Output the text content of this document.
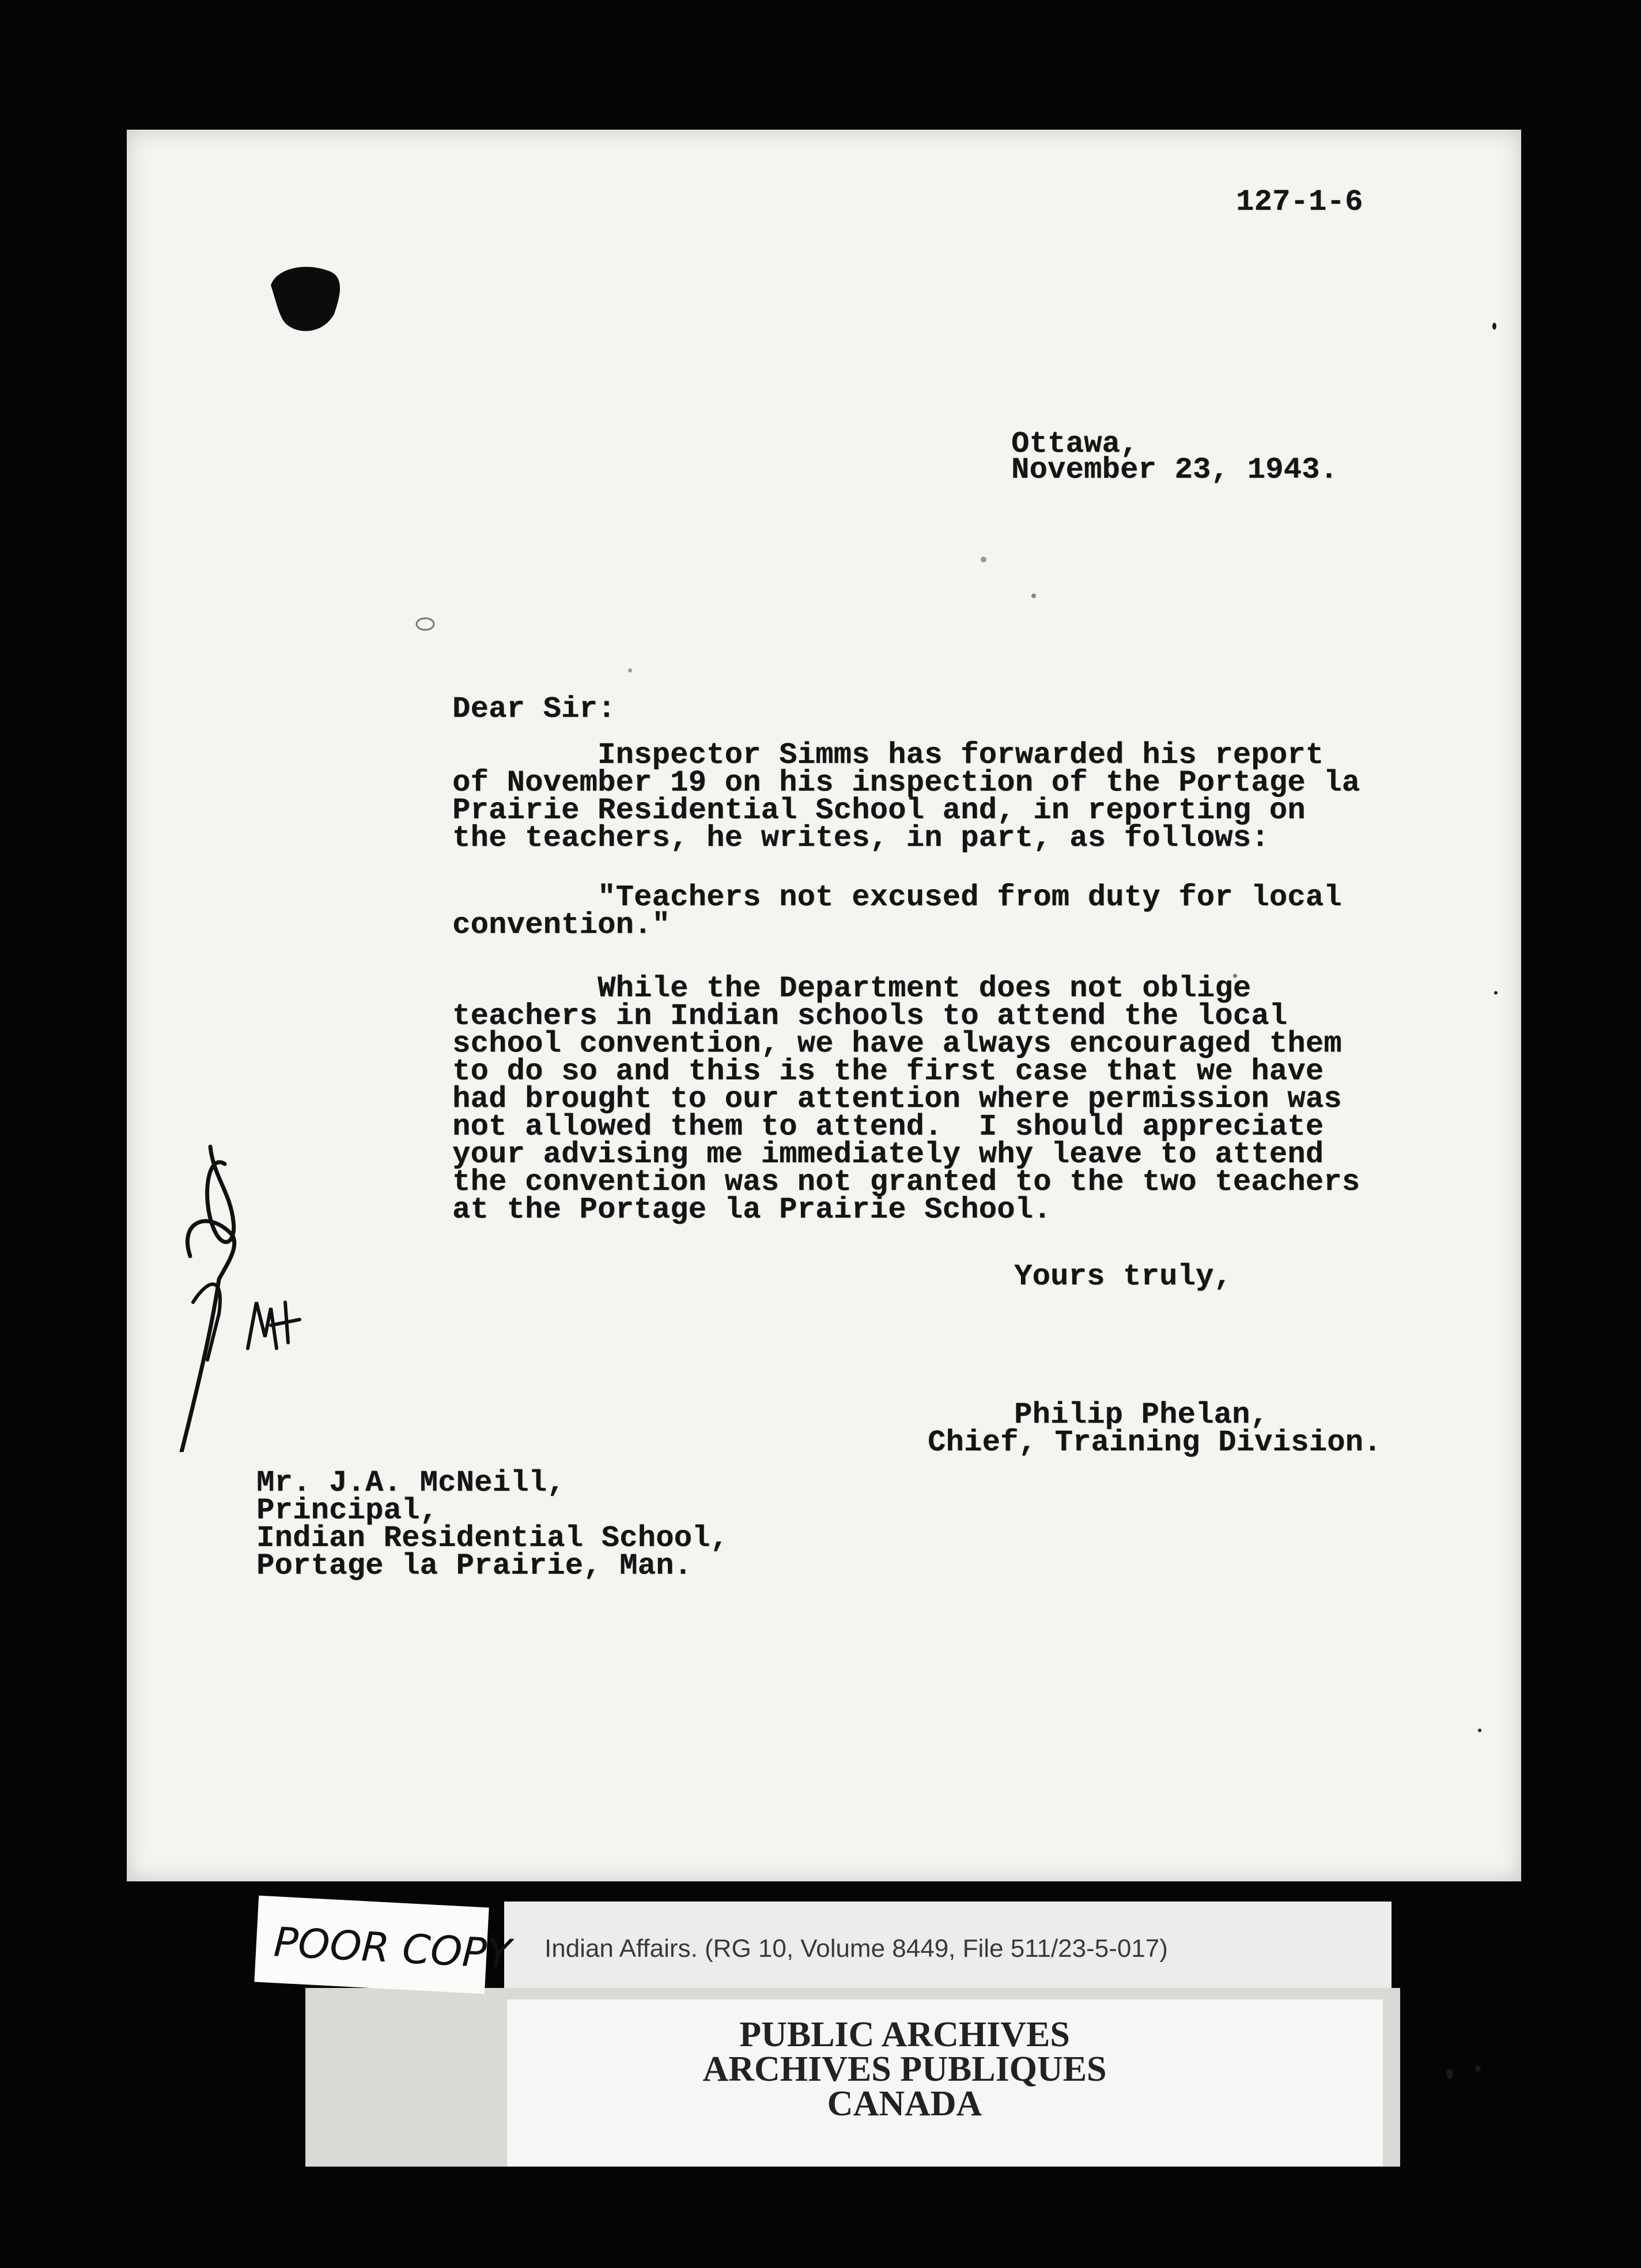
127-1-6
Ottawa,
November 23, 1943.
Dear Sir:
Inspector Simms has forwarded his report
of November 19 on his inspection of the Portage la
Prairie Residential School and, in reporting on
the teachers, he writes, in part, as follows:
"Teachers not excused from duty for local
convention."
While the Department does not oblige
teachers in Indian schools to attend the local
school convention, we have always encouraged them
to do so and this is the first case that we have
had brought to our attention where permission was
not allowed them to attend.  I should appreciate
your advising me immediately why leave to attend
the convention was not granted to the two teachers
at the Portage la Prairie School.
Yours truly,
Philip Phelan,
Chief, Training Division.
Mr. J.A. McNeill,
Principal,
Indian Residential School,
Portage la Prairie, Man.
Indian Affairs. (RG 10, Volume 8449, File 511/23-5-017)
PUBLIC ARCHIVES
ARCHIVES PUBLIQUES
CANADA
POOR COPY
